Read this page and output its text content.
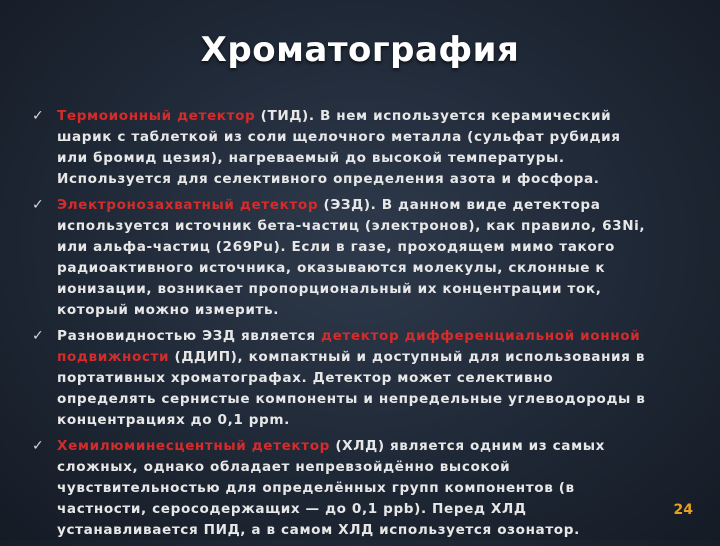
Хроматография
✓ Термоионный детектор (ТИД). В нем используется керамический шарик с таблеткой из соли щелочного металла (сульфат рубидия или бромид цезия), нагреваемый до высокой температуры. Используется для селективного определения азота и фосфора.
✓ Электронозахватный детектор (ЭЗД). В данном виде детектора используется источник бета-частиц (электронов), как правило, 63Ni, или альфа-частиц (269Pu). Если в газе, проходящем мимо такого радиоактивного источника, оказываются молекулы, склонные к ионизации, возникает пропорциональный их концентрации ток, который можно измерить.
✓ Разновидностью ЭЗД является детектор дифференциальной ионной подвижности (ДДИП), компактный и доступный для использования в портативных хроматографах. Детектор может селективно определять сернистые компоненты и непредельные углеводороды в концентрациях до 0,1 ppm.
✓ Хемилюминесцентный детектор (ХЛД) является одним из самых сложных, однако обладает непревзойдённо высокой чувствительностью для определённых групп компонентов (в частности, серосодержащих — до 0,1 ppb). Перед ХЛД устанавливается ПИД, а в самом ХЛД используется озонатор.
24
